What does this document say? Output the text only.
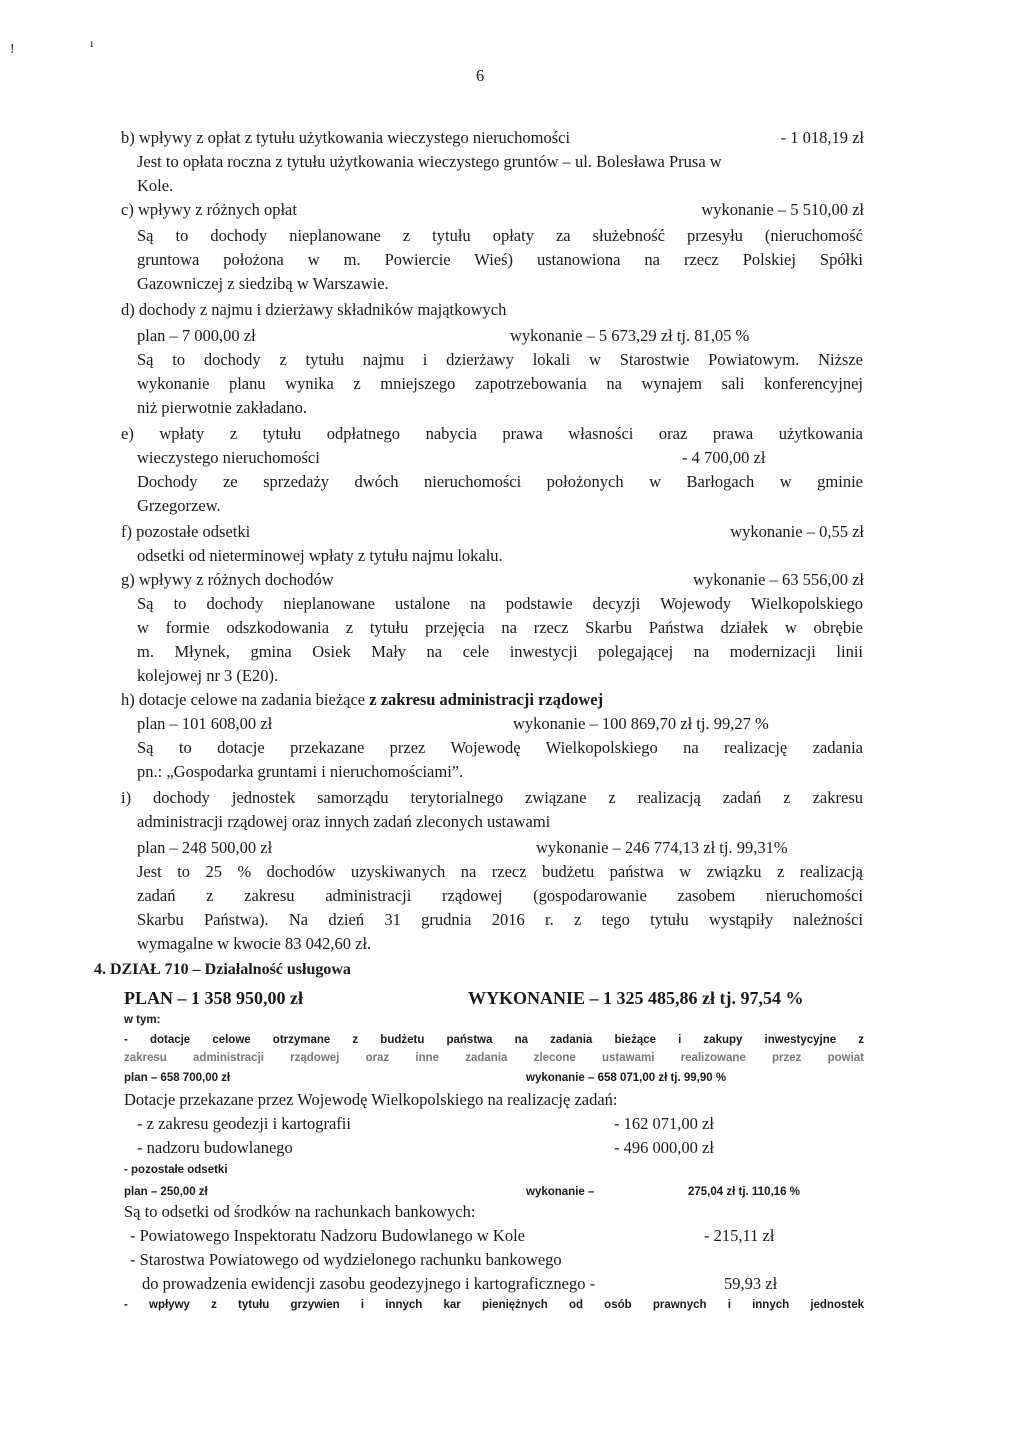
!	ı
6
b) wpływy z opłat z tytułu użytkowania wieczystego nieruchomości	- 1 018,19 zł
Jest to opłata roczna z tytułu użytkowania wieczystego gruntów – ul. Bolesława Prusa w
Kole.
c) wpływy z różnych opłat	wykonanie – 5 510,00 zł
Są to dochody nieplanowane z tytułu opłaty za służebność przesyłu (nieruchomość
gruntowa położona w m. Powiercie Wieś) ustanowiona na rzecz Polskiej Spółki
Gazowniczej z siedzibą w Warszawie.
d) dochody z najmu i dzierżawy składników majątkowych
plan – 7 000,00 zł	wykonanie – 5 673,29 zł tj. 81,05 %
Są to dochody z tytułu najmu i dzierżawy lokali w Starostwie Powiatowym. Niższe
wykonanie planu wynika z mniejszego zapotrzebowania na wynajem sali konferencyjnej
niż pierwotnie zakładano.
e) wpłaty z tytułu odpłatnego nabycia prawa własności oraz prawa użytkowania
wieczystego nieruchomości	- 4 700,00 zł
Dochody ze sprzedaży dwóch nieruchomości położonych w Barłogach w gminie
Grzegorzew.
f) pozostałe odsetki	wykonanie – 0,55 zł
odsetki od nieterminowej wpłaty z tytułu najmu lokalu.
g) wpływy z różnych dochodów	wykonanie – 63 556,00 zł
Są to dochody nieplanowane ustalone na podstawie decyzji Wojewody Wielkopolskiego
w formie odszkodowania z tytułu przejęcia na rzecz Skarbu Państwa działek w obrębie
m. Młynek, gmina Osiek Mały na cele inwestycji polegającej na modernizacji linii
kolejowej nr 3 (E20).
h) dotacje celowe na zadania bieżące z zakresu administracji rządowej
plan – 101 608,00 zł	wykonanie – 100 869,70 zł tj. 99,27 %
Są to dotacje przekazane przez Wojewodę Wielkopolskiego na realizację zadania
pn.: „Gospodarka gruntami i nieruchomościami”.
i) dochody jednostek samorządu terytorialnego związane z realizacją zadań z zakresu
administracji rządowej oraz innych zadań zleconych ustawami
plan – 248 500,00 zł	wykonanie – 246 774,13 zł tj. 99,31%
Jest to 25 % dochodów uzyskiwanych na rzecz budżetu państwa w związku z realizacją
zadań z zakresu administracji rządowej (gospodarowanie zasobem nieruchomości
Skarbu Państwa). Na dzień 31 grudnia 2016 r. z tego tytułu wystąpiły należności
wymagalne w kwocie 83 042,60 zł.
4. DZIAŁ 710 – Działalność usługowa
PLAN – 1 358 950,00 zł	WYKONANIE – 1 325 485,86 zł tj. 97,54 %
w tym:
- dotacje celowe otrzymane z budżetu państwa na zadania bieżące i zakupy inwestycyjne z
zakresu administracji rządowej oraz inne zadania zlecone ustawami realizowane przez powiat
plan – 658 700,00 zł	wykonanie – 658 071,00 zł tj. 99,90 %
Dotacje przekazane przez Wojewodę Wielkopolskiego na realizację zadań:
- z zakresu geodezji i kartografii	- 162 071,00 zł
- nadzoru budowlanego	- 496 000,00 zł
- pozostałe odsetki
plan – 250,00 zł	wykonanie –	275,04 zł tj. 110,16 %
Są to odsetki od środków na rachunkach bankowych:
- Powiatowego Inspektoratu Nadzoru Budowlanego w Kole	- 215,11 zł
- Starostwa Powiatowego od wydzielonego rachunku bankowego
do prowadzenia ewidencji zasobu geodezyjnego i kartograficznego -	59,93 zł
- wpływy z tytułu grzywien i innych kar pieniężnych od osób prawnych i innych jednostek
